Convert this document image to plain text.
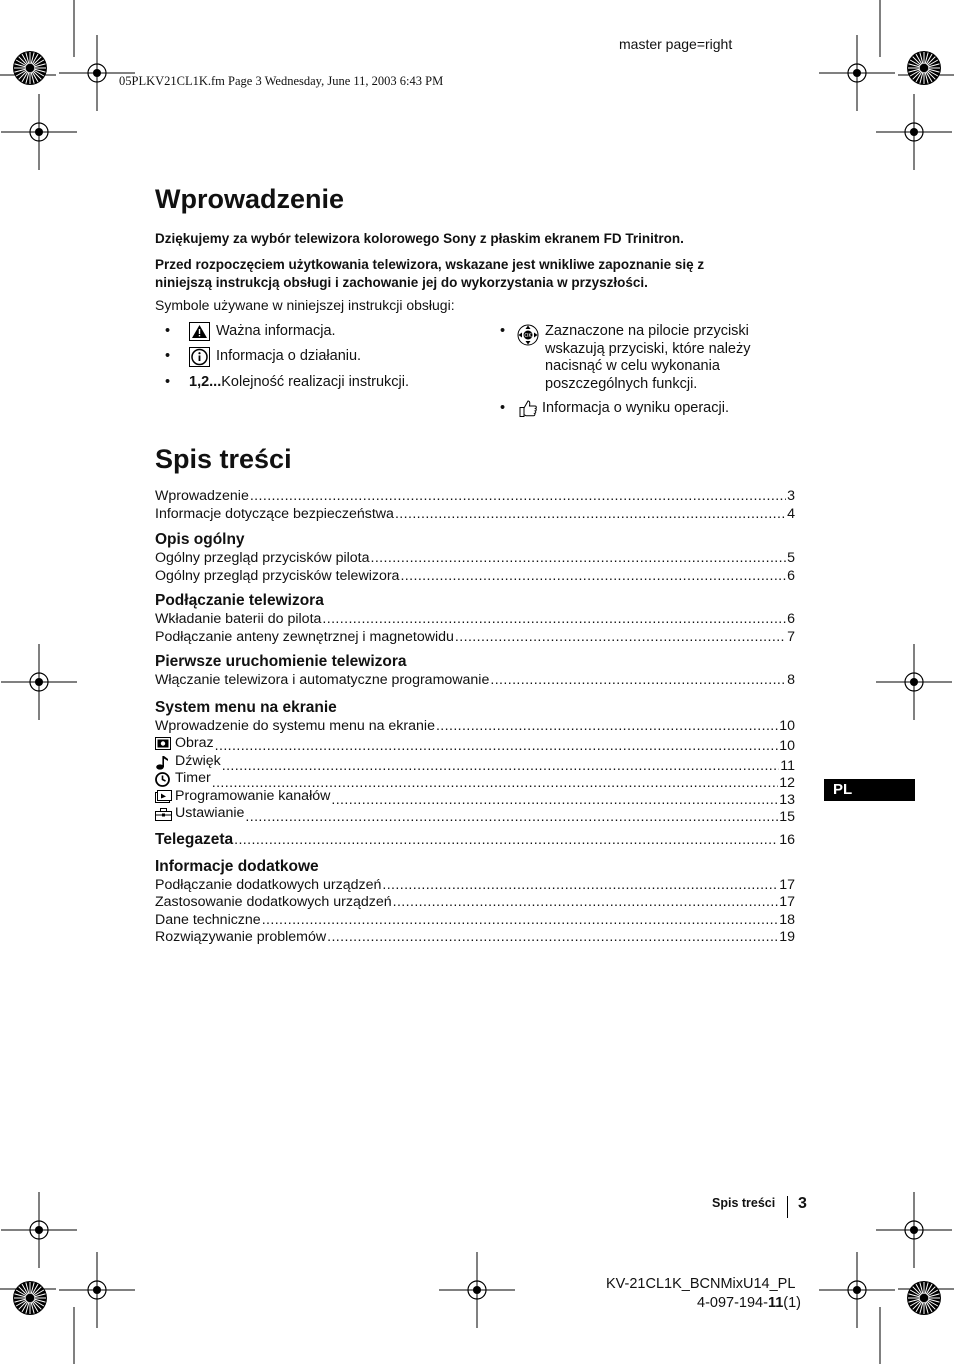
master page=right
05PLKV21CL1K.fm Page 3 Wednesday, June 11, 2003 6:43 PM
Wprowadzenie
Dziękujemy za wybór telewizora kolorowego Sony z płaskim ekranem FD Trinitron.
Przed rozpoczęciem użytkowania telewizora, wskazane jest wnikliwe zapoznanie się z
niniejszą instrukcją obsługi i zachowanie jej do wykorzystania w przyszłości.
Symbole używane w niniejszej instrukcji obsługi:
•	Ważna informacja.
•	Informacja o działaniu.
•	1,2... Kolejność realizacji instrukcji.
•	OK Zaznaczone na pilocie przyciski
wskazują przyciski, które należy
nacisnąć w celu wykonania
poszczególnych funkcji.
•	Informacja o wyniku operacji.
Spis treści
Wprowadzenie .....	3
Informacje dotyczące bezpieczeństwa .....	4
Opis ogólny
Ogólny przegląd przycisków pilota .....	5
Ogólny przegląd przycisków telewizora .....	6
Podłączanie telewizora
Wkładanie baterii do pilota .....	6
Podłączanie anteny zewnętrznej i magnetowidu .....	7
Pierwsze uruchomienie telewizora
Włączanie telewizora i automatyczne programowanie .....	8
System menu na ekranie
Wprowadzenie do systemu menu na ekranie .....	10
Obraz .....	10
Dźwięk .....	11
Timer .....	12
Programowanie kanałów .....	13
Ustawianie .....	15
Telegazeta .....	16
Informacje dodatkowe
Podłączanie dodatkowych urządzeń .....	17
Zastosowanie dodatkowych urządzeń .....	17
Dane techniczne .....	18
Rozwiązywanie problemów .....	19
PL
Spis treści 3
KV-21CL1K_BCNMixU14_PL
4-097-194-11(1)
